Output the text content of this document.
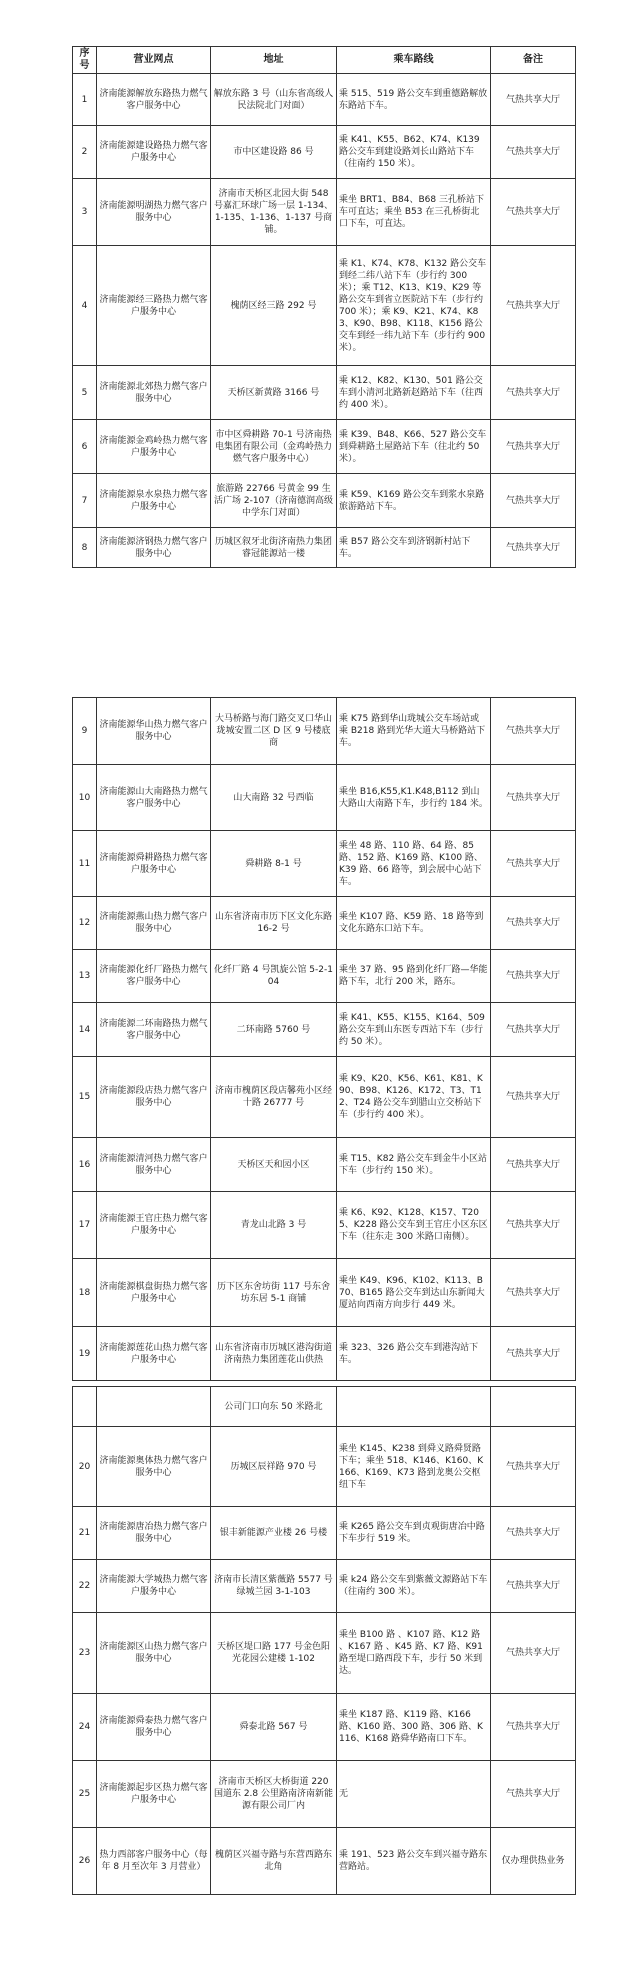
序号	营业网点	地址	乘车路线	备注
1	济南能源解放东路热力燃气客户服务中心	解放东路 3 号（山东省高级人民法院北门对面）	乘 515、519 路公交车到重德路解放东路站下车。	气热共享大厅
2	济南能源建设路热力燃气客户服务中心	市中区建设路 86 号	乘 K41、K55、B62、K74、K139 路公交车到建设路刘长山路站下车（往南约 150 米）。	气热共享大厅
3	济南能源明湖热力燃气客户服务中心	济南市天桥区北园大街 548 号嘉汇环球广场一层 1-134、1-135、1-136、1-137 号商铺。	乘坐 BRT1、B84、B68 三孔桥站下车可直达；乘坐 B53 在三孔桥街北口下车，可直达。	气热共享大厅
4	济南能源经三路热力燃气客户服务中心	槐荫区经三路 292 号	乘 K1、K74、K78、K132 路公交车到经二纬八站下车（步行约 300 米）；乘 T12、K13、K19、K29 等路公交车到省立医院站下车（步行约 700 米）；乘 K9、K21、K74、K83、K90、B98、K118、K156 路公交车到经一纬九站下车（步行约 900 米）。	气热共享大厅
5	济南能源北郊热力燃气客户服务中心	天桥区新黄路 3166 号	乘 K12、K82、K130、501 路公交车到小清河北路新赵路站下车（往西约 400 米）。	气热共享大厅
6	济南能源金鸡岭热力燃气客户服务中心	市中区舜耕路 70-1 号济南热电集团有限公司（金鸡岭热力燃气客户服务中心）	乘 K39、B48、K66、527 路公交车到舜耕路土屋路站下车（往北约 50 米）。	气热共享大厅
7	济南能源泉水泉热力燃气客户服务中心	旅游路 22766 号黄金 99 生活广场 2-107（济南德润高级中学东门对面）	乘 K59、K169 路公交车到浆水泉路旅游路站下车。	气热共享大厅
8	济南能源济钢热力燃气客户服务中心	历城区叙牙北街济南热力集团睿冠能源站一楼	乘 B57 路公交车到济钢新村站下车。	气热共享大厅
9	济南能源华山热力燃气客户服务中心	大马桥路与海门路交叉口华山珑城安置二区 D 区 9 号楼底商	乘 K75 路到华山珑城公交车场站或乘 B218 路到光华大道大马桥路站下车。	气热共享大厅
10	济南能源山大南路热力燃气客户服务中心	山大南路 32 号西临	乘坐 B16,K55,K1.K48,B112 到山大路山大南路下车，步行约 184 米。	气热共享大厅
11	济南能源舜耕路热力燃气客户服务中心	舜耕路 8-1 号	乘坐 48 路、110 路、64 路、85 路、152 路、K169 路、K100 路、K39 路、66 路等，到会展中心站下车。	气热共享大厅
12	济南能源燕山热力燃气客户服务中心	山东省济南市历下区文化东路 16-2 号	乘坐 K107 路、K59 路、18 路等到文化东路东口站下车。	气热共享大厅
13	济南能源化纤厂路热力燃气客户服务中心	化纤厂路 4 号凯旋公馆 5-2-104	乘坐 37 路、95 路到化纤厂路—华能路下车，北行 200 米，路东。	气热共享大厅
14	济南能源二环南路热力燃气客户服务中心	二环南路 5760 号	乘 K41、K55、K155、K164、509 路公交车到山东医专西站下车（步行约 50 米）。	气热共享大厅
15	济南能源段店热力燃气客户服务中心	济南市槐荫区段店馨苑小区经十路 26777 号	乘 K9、K20、K56、K61、K81、K90、B98、K126、K172、T3、T12、T24 路公交车到腊山立交桥站下车（步行约 400 米）。	气热共享大厅
16	济南能源清河热力燃气客户服务中心	天桥区天和园小区	乘 T15、K82 路公交车到金牛小区站下车（步行约 150 米）。	气热共享大厅
17	济南能源王官庄热力燃气客户服务中心	青龙山北路 3 号	乘 K6、K92、K128、K157、T205、K228 路公交车到王官庄小区东区下车（往东走 300 米路口南侧）。	气热共享大厅
18	济南能源棋盘街热力燃气客户服务中心	历下区东舍坊街 117 号东舍坊东居 5-1 商铺	乘坐 K49、K96、K102、K113、B70、B165 路公交车到达山东新闻大厦站向西南方向步行 449 米。	气热共享大厅
19	济南能源莲花山热力燃气客户服务中心	山东省济南市历城区港沟街道济南热力集团莲花山供热	乘 323、326 路公交车到港沟站下车。	气热共享大厅
		公司门口向东 50 米路北		
20	济南能源奥体热力燃气客户服务中心	历城区辰祥路 970 号	乘坐 K145、K238 到舜义路舜贤路下车；乘坐 518、K146、K160、K166、K169、K73 路到龙奥公交枢纽下车	气热共享大厅
21	济南能源唐冶热力燃气客户服务中心	银丰新能源产业楼 26 号楼	乘 K265 路公交车到贞观街唐冶中路下车步行 519 米。	气热共享大厅
22	济南能源大学城热力燃气客户服务中心	济南市长清区紫薇路 5577 号绿城兰园 3-1-103	乘 k24 路公交车到紫薇文源路站下车（往南约 300 米）。	气热共享大厅
23	济南能源区山热力燃气客户服务中心	天桥区堤口路 177 号金色阳光花园公建楼 1-102	乘坐 B100 路 、K107 路、K12 路 、K167 路 、K45 路、K7 路、K91 路至堤口路西段下车，步行 50 米到达。	气热共享大厅
24	济南能源舜泰热力燃气客户服务中心	舜泰北路 567 号	乘坐 K187 路、K119 路、K166 路、K160 路、300 路、306 路、K116、K168 路舜华路南口下车。	气热共享大厅
25	济南能源起步区热力燃气客户服务中心	济南市天桥区大桥街道 220 国道东 2.8 公里路南济南新能源有限公司厂内	无	气热共享大厅
26	热力西部客户服务中心（每年 8 月至次年 3 月营业）	槐荫区兴福寺路与东营西路东北角	乘 191、523 路公交车到兴福寺路东营路站。	仅办理供热业务
